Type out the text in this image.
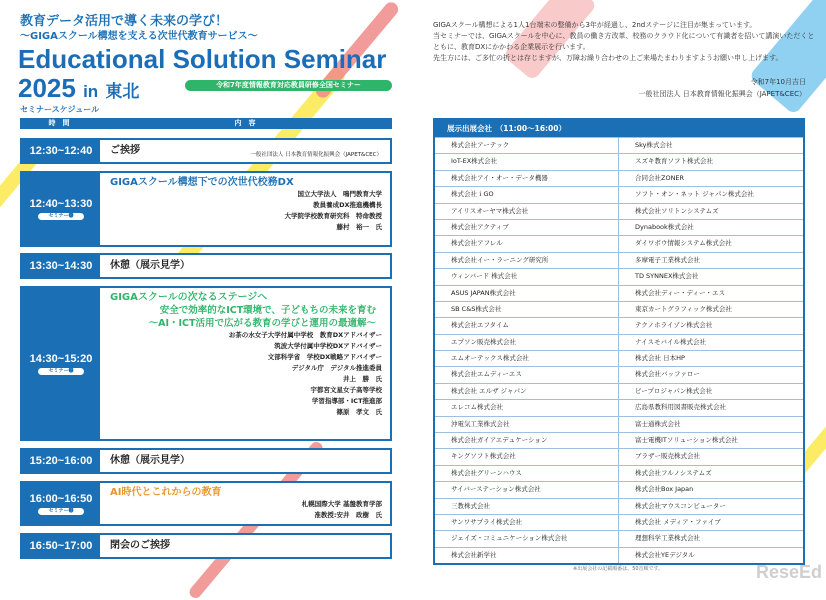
教育データ活用で導く未来の学び！
〜GIGAスクール構想を支える次世代教育サービス〜
Educational Solution Seminar
2025 in 東北	令和7年度情報教育対応教員研修全国セミナー
セミナースケジュール
時　間	内　容
12:30~12:40 ご挨拶	一般社団法人 日本教育情報化振興会（JAPET&CEC）
12:40~13:30
セミナー❶
GIGAスクール構想下での次世代校務DX
国立大学法人　鳴門教育大学
教員養成DX推進機構長
大学院学校教育研究科　特命教授
藤村　裕一　氏
13:30~14:30 休憩（展示見学）
14:30~15:20
セミナー❷
GIGAスクールの次なるステージへ
安全で効率的なICT環境で、子どもちの未来を育む
〜AI・ICT活用で広がる教育の学びと運用の最適解〜
お茶の水女子大学付属中学校　教育DXアドバイザー
筑波大学付属中学校DXアドバイザー
文部科学省　学校DX戦略アドバイザー
デジタル庁　デジタル推進委員
井上　勝　氏
宇都宮文星女子高等学校
学習指導部・ICT推進部
篠原　孝文　氏
15:20~16:00 休憩（展示見学）
16:00~16:50
セミナー❸
AI時代とこれからの教育
札幌国際大学 基盤教育学部
准教授:安井　政樹　氏
16:50~17:00 閉会のご挨拶
GIGAスクール構想による1人1台端末の整備から3年が経過し、2ndステージに注目が集まっています。
当セミナーでは、GIGAスクールを中心に、教員の働き方改革、校務のクラウド化について有識者を招いて講演いただくとともに、教育DXにかかわる企業展示を行います。
先生方には、ご多忙の折とは存じますが、万障お繰り合わせの上ご来場たまわりますようお願い申し上げます。
令和7年10月吉日
一般社団法人 日本教育情報化振興会（JAPET&CEC）
展示出展会社　（11:00〜16:00）
株式会社アーテック	Sky株式会社
IoT-EX株式会社	スズキ教育ソフト株式会社
株式会社アイ・オー・データ機器	合同会社ZONER
株式会社ｉGO	ソフト・オン・ネット ジャパン株式会社
アイリスオーヤマ株式会社	株式会社ソリトンシステムズ
株式会社アクティブ	Dynabook株式会社
株式会社アフレル	ダイワボウ情報システム株式会社
株式会社イー・ラーニング研究所	多摩電子工業株式会社
ウィンバード 株式会社	TD SYNNEX株式会社
ASUS JAPAN株式会社	株式会社ディー・ディー・エス
SB C&S株式会社	東京カートグラフィック株式会社
株式会社エフタイム	テクノホライゾン株式会社
エプソン販売株式会社	ナイスモバイル株式会社
エムオーテックス株式会社	株式会社 日本HP
株式会社エムディーエス	株式会社バッファロー
株式会社 エルザ ジャパン	ピープロジャパン株式会社
エレコム株式会社	広島県教科用図書販売株式会社
沖電気工業株式会社	富士通株式会社
株式会社ガイアエデュケーション	富士電機ITソリューション株式会社
キングソフト株式会社	ブラザー販売株式会社
株式会社グリーンハウス	株式会社フルノシステムズ
サイバーステーション株式会社	株式会社Box Japan
三教株式会社	株式会社マウスコンピューター
サンワサプライ株式会社	株式会社 メディア・ファイブ
ジェイズ・コミュニケーション株式会社	理想科学工業株式会社
株式会社新学社	株式会社YEデジタル
※出展会社の記載順番は、50音順です。	ReseEd
